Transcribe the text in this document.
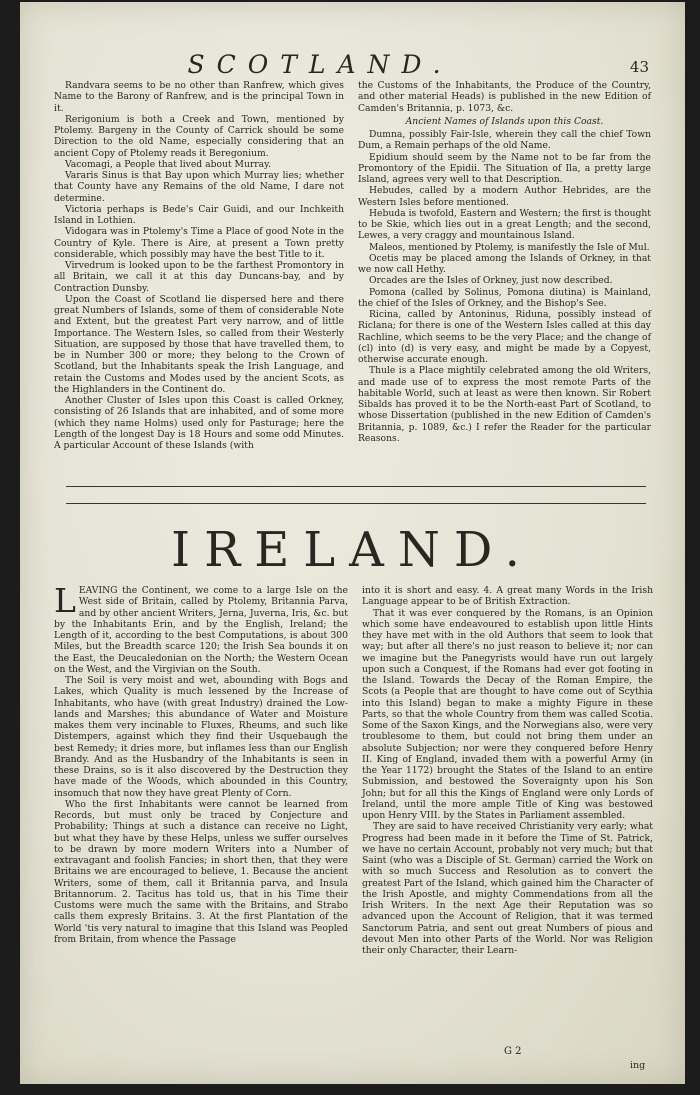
SCOTLAND.	43

Randvara seems to be no other than Ranfrew, which gives Name to the Barony of Ranfrew, and is the principal Town in it.

Rerigonium is both a Creek and Town, mentioned by Ptolemy. Bargeny in the County of Carrick should be some Direction to the old Name, especially considering that an ancient Copy of Ptolemy reads it Beregonium.

Vacomagi, a People that lived about Murray.

Vararis Sinus is that Bay upon which Murray lies; whether that County have any Remains of the old Name, I dare not determine.

Victoria perhaps is Bede's Cair Guidi, and our Inchkeith Island in Lothien.

Vidogara was in Ptolemy's Time a Place of good Note in the Country of Kyle. There is Aire, at present a Town pretty considerable, which possibly may have the best Title to it.

Virvedrum is looked upon to be the farthest Promontory in all Britain, we call it at this day Duncans-bay, and by Contraction Dunsby.

Upon the Coast of Scotland lie dispersed here and there great Numbers of Islands, some of them of considerable Note and Extent, but the greatest Part very narrow, and of little Importance. The Western Isles, so called from their Westerly Situation, are supposed by those that have travelled them, to be in Number 300 or more; they belong to the Crown of Scotland, but the Inhabitants speak the Irish Language, and retain the Customs and Modes used by the ancient Scots, as the Highlanders in the Continent do.

Another Cluster of Isles upon this Coast is called Orkney, consisting of 26 Islands that are inhabited, and of some more (which they name Holms) used only for Pasturage; here the Length of the longest Day is 18 Hours and some odd Minutes. A particular Account of these Islands (with

the Customs of the Inhabitants, the Produce of the Country, and other material Heads) is published in the new Edition of Camden's Britannia, p. 1073, &c.

Ancient Names of Islands upon this Coast.

Dumna, possibly Fair-Isle, wherein they call the chief Town Dum, a Remain perhaps of the old Name.

Epidium should seem by the Name not to be far from the Promontory of the Epidii. The Situation of Ila, a pretty large Island, agrees very well to that Description.

Hebudes, called by a modern Author Hebrides, are the Western Isles before mentioned.

Hebuda is twofold, Eastern and Western; the first is thought to be Skie, which lies out in a great Length; and the second, Lewes, a very craggy and mountainous Island.

Maleos, mentioned by Ptolemy, is manifestly the Isle of Mul.

Ocetis may be placed among the Islands of Orkney, in that we now call Hethy.

Orcades are the Isles of Orkney, just now described.

Pomona (called by Solinus, Pomona diutina) is Mainland, the chief of the Isles of Orkney, and the Bishop's See.

Ricina, called by Antoninus, Riduna, possibly instead of Riclana; for there is one of the Western Isles called at this day Rachline, which seems to be the very Place; and the change of (cl) into (d) is very easy, and might be made by a Copyest, otherwise accurate enough.

Thule is a Place mightily celebrated among the old Writers, and made use of to express the most remote Parts of the habitable World, such at least as were then known. Sir Robert Sibalds has proved it to be the North-east Part of Scotland, to whose Dissertation (published in the new Edition of Camden's Britannia, p. 1089, &c.) I refer the Reader for the particular Reasons.

IRELAND.

LEAVING the Continent, we come to a large Isle on the West side of Britain, called by Ptolemy, Britannia Parva, and by other ancient Writers, Jerna, Juverna, Iris, &c. but by the Inhabitants Erin, and by the English, Ireland; the Length of it, according to the best Computations, is about 300 Miles, but the Breadth scarce 120; the Irish Sea bounds it on the East, the Deucaledonian on the North; the Western Ocean on the West, and the Virgivian on the South.

The Soil is very moist and wet, abounding with Bogs and Lakes, which Quality is much lessened by the Increase of Inhabitants, who have (with great Industry) drained the Low-lands and Marshes; this abundance of Water and Moisture makes them very incinable to Fluxes, Rheums, and such like Distempers, against which they find their Usquebaugh the best Remedy; it dries more, but inflames less than our English Brandy. And as the Husbandry of the Inhabitants is seen in these Drains, so is it also discovered by the Destruction they have made of the Woods, which abounded in this Country, insomuch that now they have great Plenty of Corn.

Who the first Inhabitants were cannot be learned from Records, but must only be traced by Conjecture and Probability; Things at such a distance can receive no Light, but what they have by these Helps, unless we suffer ourselves to be drawn by more modern Writers into a Number of extravagant and foolish Fancies; in short then, that they were Britains we are encouraged to believe, 1. Because the ancient Writers, some of them, call it Britannia parva, and Insula Britannorum. 2. Tacitus has told us, that in his Time their Customs were much the same with the Britains, and Strabo calls them expresly Britains. 3. At the first Plantation of the World 'tis very natural to imagine that this Island was Peopled from Britain, from whence the Passage

into it is short and easy. 4. A great many Words in the Irish Language appear to be of British Extraction.

That it was ever conquered by the Romans, is an Opinion which some have endeavoured to establish upon little Hints they have met with in the old Authors that seem to look that way; but after all there's no just reason to believe it; nor can we imagine but the Panegyrists would have run out largely upon such a Conquest, if the Romans had ever got footing in the Island. Towards the Decay of the Roman Empire, the Scots (a People that are thought to have come out of Scythia into this Island) began to make a mighty Figure in these Parts, so that the whole Country from them was called Scotia. Some of the Saxon Kings, and the Norwegians also, were very troublesome to them, but could not bring them under an absolute Subjection; nor were they conquered before Henry II. King of England, invaded them with a powerful Army (in the Year 1172) brought the States of the Island to an entire Submission, and bestowed the Soveraignty upon his Son John; but for all this the Kings of England were only Lords of Ireland, until the more ample Title of King was bestowed upon Henry VIII. by the States in Parliament assembled.

They are said to have received Christianity very early; what Progress had been made in it before the Time of St. Patrick, we have no certain Account, probably not very much; but that Saint (who was a Disciple of St. German) carried the Work on with so much Success and Resolution as to convert the greatest Part of the Island, which gained him the Character of the Irish Apostle, and mighty Commendations from all the Irish Writers. In the next Age their Reputation was so advanced upon the Account of Religion, that it was termed Sanctorum Patria, and sent out great Numbers of pious and devout Men into other Parts of the World. Nor was Religion their only Character, their Learn-

G 2
ing
